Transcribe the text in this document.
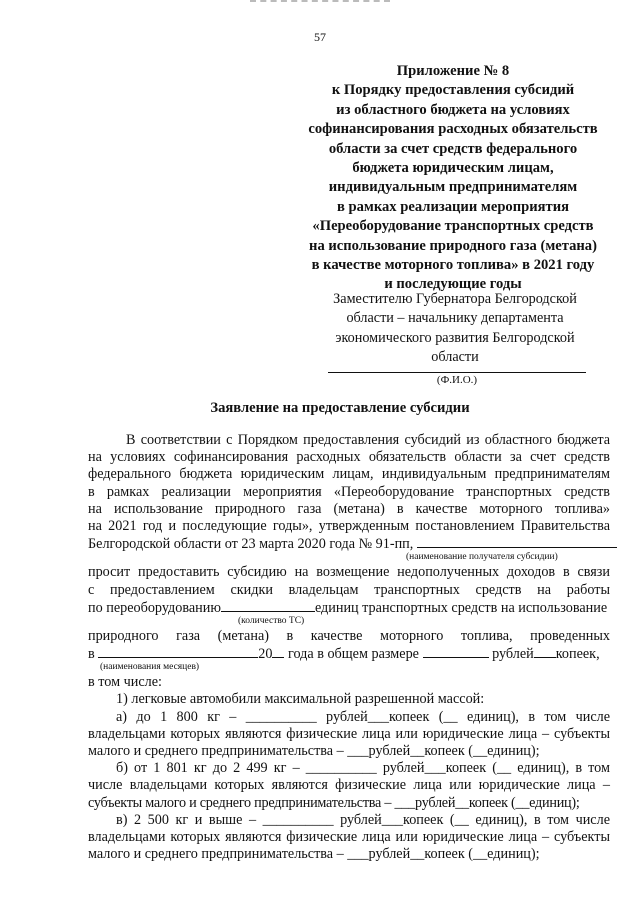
57
Приложение № 8
к Порядку предоставления субсидий
из областного бюджета на условиях
софинансирования расходных обязательств
области за счет средств федерального
бюджета юридическим лицам,
индивидуальным предпринимателям
в рамках реализации мероприятия
«Переоборудование транспортных средств
на использование природного газа (метана)
в качестве моторного топлива» в 2021 году
и последующие годы
Заместителю Губернатора Белгородской
области – начальнику департамента
экономического развития Белгородской
области
(Ф.И.О.)
Заявление на предоставление субсидии
В соответствии с Порядком предоставления субсидий из областного бюджета
на условиях софинансирования расходных обязательств области за счет средств
федерального бюджета юридическим лицам, индивидуальным предпринимателям
в рамках реализации мероприятия «Переоборудование транспортных средств
на использование природного газа (метана) в качестве моторного топлива»
на 2021 год и последующие годы», утвержденным постановлением Правительства
Белгородской области от 23 марта 2020 года № 91-пп,
(наименование получателя субсидии)
просит предоставить субсидию на возмещение недополученных доходов в связи
с предоставлением скидки владельцам транспортных средств на работы
по переоборудованию	единиц транспортных средств на использование
(количество ТС)
природного газа (метана) в качестве моторного топлива, проведенных
в	20 года в общем размере	рублей копеек,
(наименования месяцев)
в том числе:
1) легковые автомобили максимальной разрешенной массой:
а) до 1 800 кг – __________ рублей___копеек (__ единиц), в том числе
владельцами которых являются физические лица или юридические лица – субъекты
малого и среднего предпринимательства – ___рублей__копеек (__единиц);
б) от 1 801 кг до 2 499 кг – __________ рублей___копеек (__ единиц), в том
числе владельцами которых являются физические лица или юридические лица –
субъекты малого и среднего предпринимательства – ___рублей__копеек (__единиц);
в) 2 500 кг и выше – __________ рублей___копеек (__ единиц), в том числе
владельцами которых являются физические лица или юридические лица – субъекты
малого и среднего предпринимательства – ___рублей__копеек (__единиц);
